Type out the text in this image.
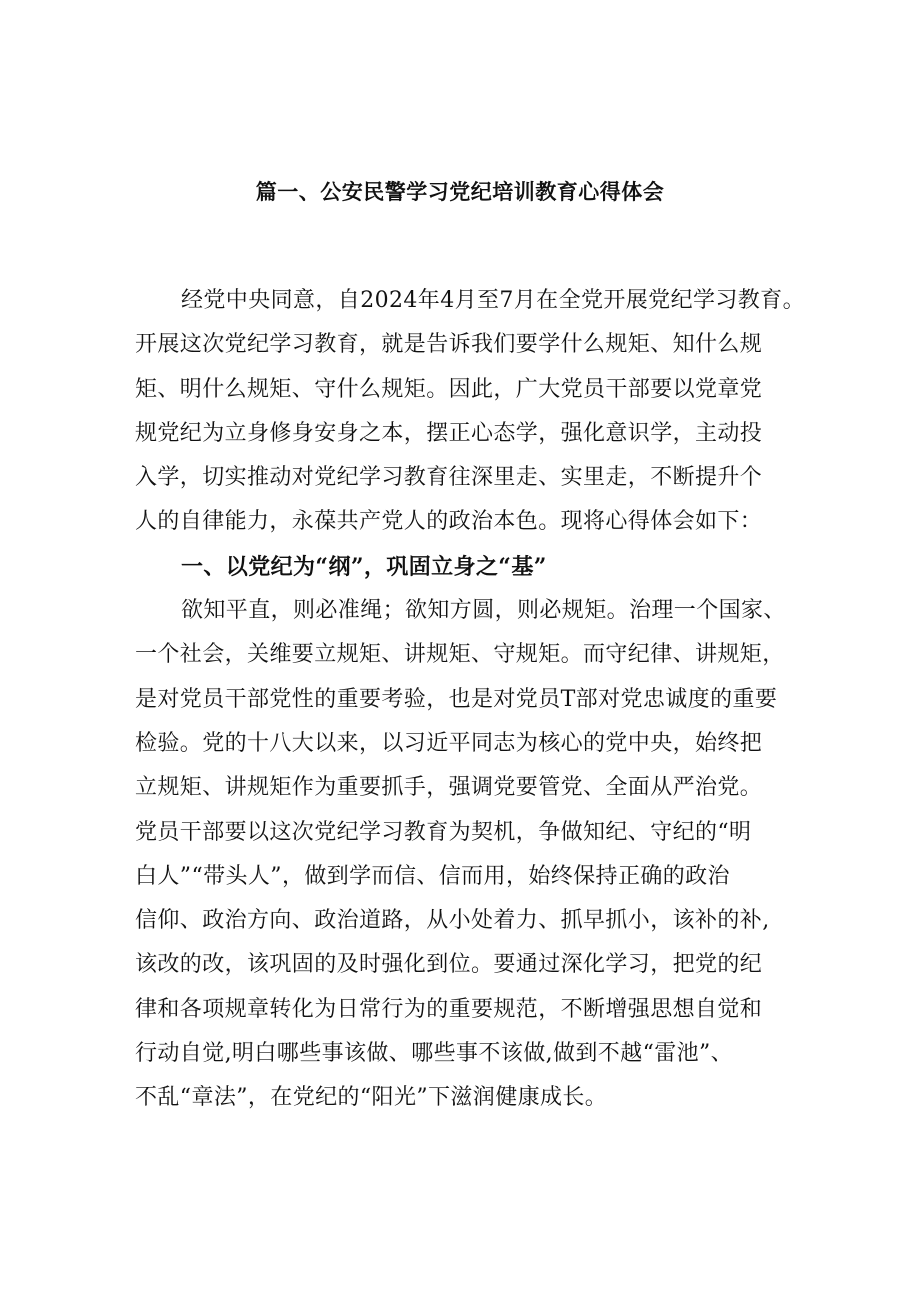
篇一、公安民警学习党纪培训教育心得体会
经党中央同意，自2024年4月至7月在全党开展党纪学习教育。
开展这次党纪学习教育，就是告诉我们要学什么规矩、知什么规
矩、明什么规矩、守什么规矩。因此，广大党员干部要以党章党
规党纪为立身修身安身之本，摆正心态学，强化意识学，主动投
入学，切实推动对党纪学习教育往深里走、实里走，不断提升个
人的自律能力，永葆共产党人的政治本色。现将心得体会如下：
一、以党纪为“纲”，巩固立身之“基”
欲知平直，则必准绳；欲知方圆，则必规矩。治理一个国家、
一个社会，关维要立规矩、讲规矩、守规矩。而守纪律、讲规矩，
是对党员干部党性的重要考验，也是对党员T部对党忠诚度的重要
检验。党的十八大以来，以习近平同志为核心的党中央，始终把
立规矩、讲规矩作为重要抓手，强调党要管党、全面从严治党。
党员干部要以这次党纪学习教育为契机，争做知纪、守纪的“明
白人”“带头人”，做到学而信、信而用，始终保持正确的政治
信仰、政治方向、政治道路，从小处着力、抓早抓小，该补的补,
该改的改，该巩固的及时强化到位。要通过深化学习，把党的纪
律和各项规章转化为日常行为的重要规范，不断增强思想自觉和
行动自觉,明白哪些事该做、哪些事不该做,做到不越“雷池”、
不乱“章法”，在党纪的“阳光”下滋润健康成长。
